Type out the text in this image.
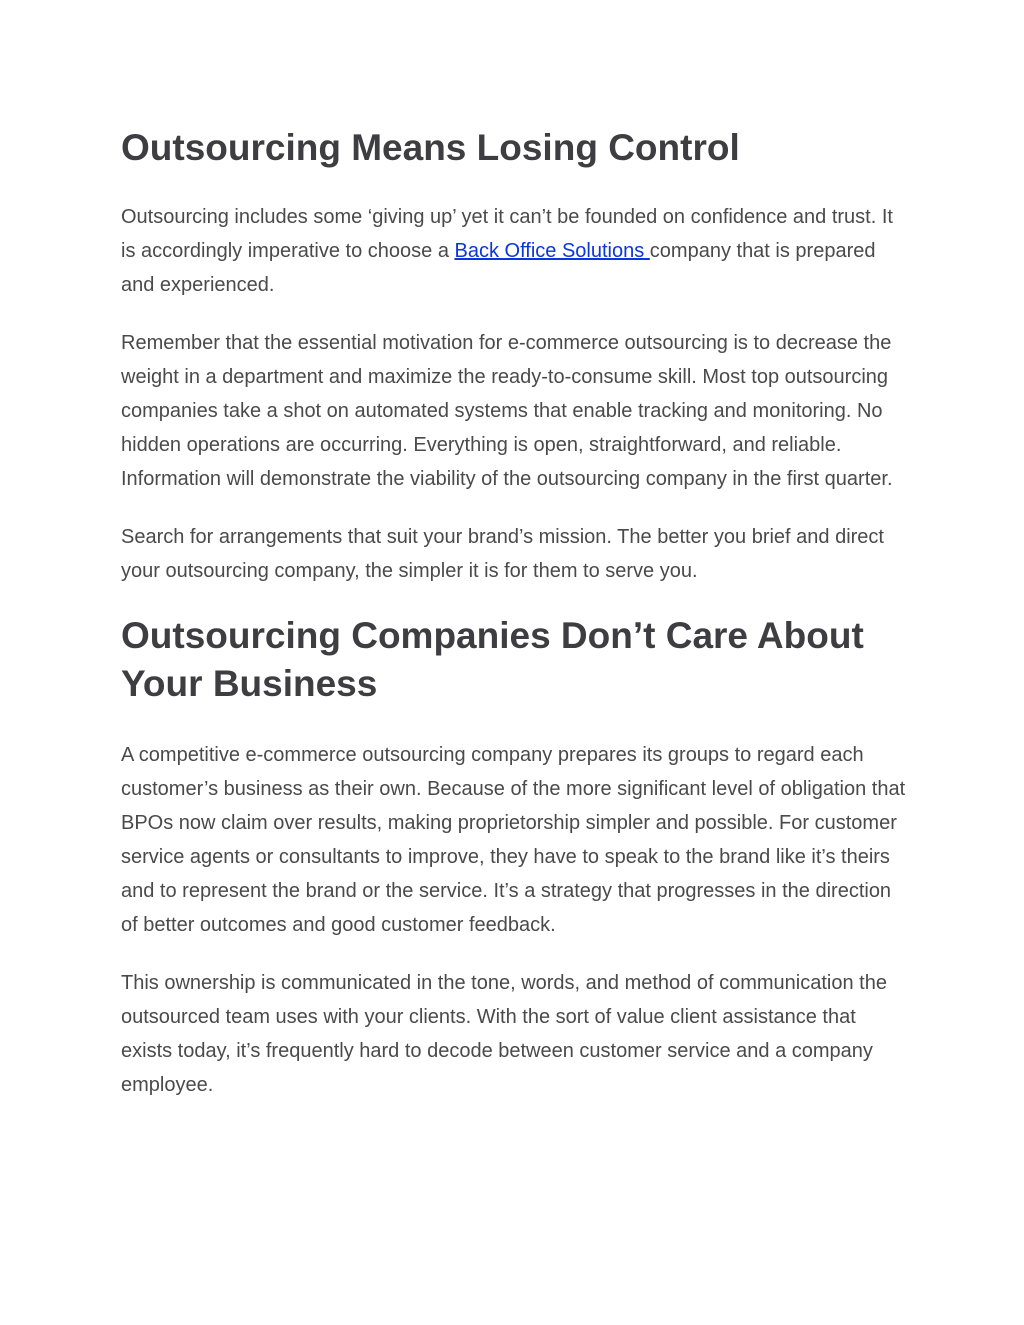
Outsourcing Means Losing Control

Outsourcing includes some ‘giving up’ yet it can’t be founded on confidence and trust. It is accordingly imperative to choose a Back Office Solutions company that is prepared and experienced.

Remember that the essential motivation for e-commerce outsourcing is to decrease the weight in a department and maximize the ready-to-consume skill. Most top outsourcing companies take a shot on automated systems that enable tracking and monitoring. No hidden operations are occurring. Everything is open, straightforward, and reliable. Information will demonstrate the viability of the outsourcing company in the first quarter.

Search for arrangements that suit your brand’s mission. The better you brief and direct your outsourcing company, the simpler it is for them to serve you.

Outsourcing Companies Don’t Care About Your Business

A competitive e-commerce outsourcing company prepares its groups to regard each customer’s business as their own. Because of the more significant level of obligation that BPOs now claim over results, making proprietorship simpler and possible. For customer service agents or consultants to improve, they have to speak to the brand like it’s theirs and to represent the brand or the service. It’s a strategy that progresses in the direction of better outcomes and good customer feedback.

This ownership is communicated in the tone, words, and method of communication the outsourced team uses with your clients. With the sort of value client assistance that exists today, it’s frequently hard to decode between customer service and a company employee.
